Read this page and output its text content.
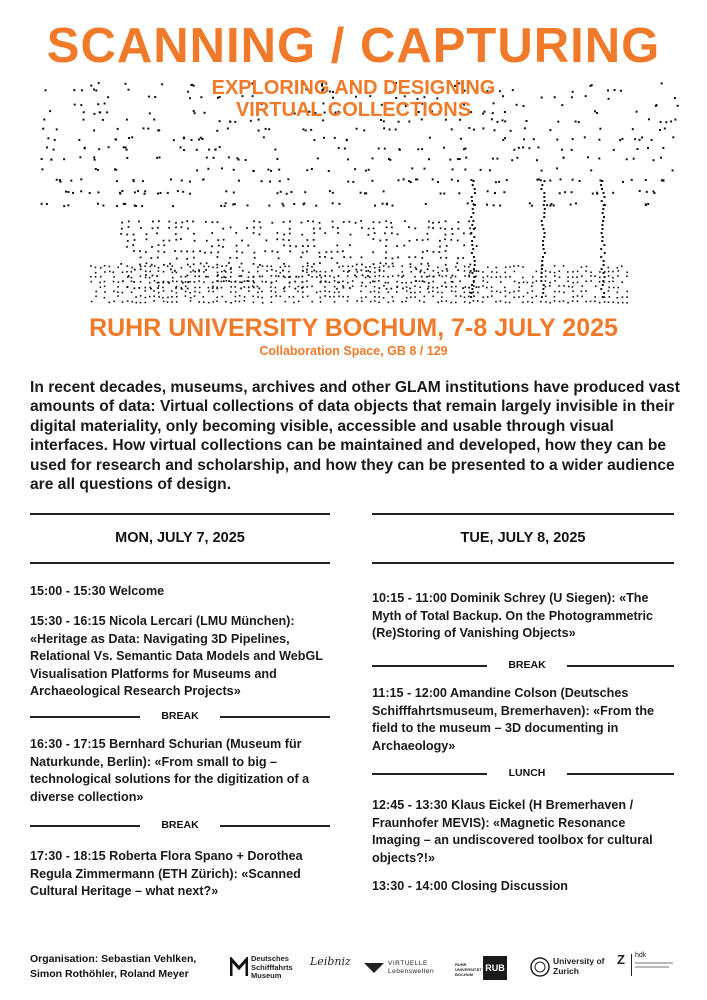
SCANNING / CAPTURING
EXPLORING AND DESIGNING
VIRTUAL COLLECTIONS
RUHR UNIVERSITY BOCHUM, 7-8 JULY 2025
Collaboration Space, GB 8 / 129
In recent decades, museums, archives and other GLAM institutions have produced vast amounts of data: Virtual collections of data objects that remain largely invisible in their digital materiality, only becoming visible, accessible and usable through visual interfaces. How virtual collections can be maintained and developed, how they can be used for research and scholarship, and how they can be presented to a wider audience are all questions of design.
MON, JULY 7, 2025
15:00 - 15:30 Welcome
15:30 - 16:15 Nicola Lercari (LMU München): «Heritage as Data: Navigating 3D Pipelines, Relational Vs. Semantic Data Models and WebGL Visualisation Platforms for Museums and Archaeological Research Projects»
BREAK
16:30 - 17:15 Bernhard Schurian (Museum für Naturkunde, Berlin): «From small to big – technological solutions for the digitization of a diverse collection»
BREAK
17:30 - 18:15 Roberta Flora Spano + Dorothea Regula Zimmermann (ETH Zürich): «Scanned Cultural Heritage – what next?»
TUE, JULY 8, 2025
10:15 - 11:00 Dominik Schrey (U Siegen): «The Myth of Total Backup. On the Photogrammetric (Re)Storing of Vanishing Objects»
BREAK
11:15 - 12:00 Amandine Colson (Deutsches Schifffahrtsmuseum, Bremerhaven): «From the field to the museum – 3D documenting in Archaeology»
LUNCH
12:45 - 13:30 Klaus Eickel (H Bremerhaven / Fraunhofer MEVIS): «Magnetic Resonance Imaging – an undiscovered toolbox for cultural objects?!»
13:30 - 14:00 Closing Discussion
Organisation: Sebastian Vehlken,
Simon Rothöhler, Roland Meyer
Deutsches
Schifffahrts
Museum
Leibniz	VIRTUELLE
Lebenswelten
RUHR UNIVERSITÄT BOCHUM
RUB
University of
Zurich
Z hdk
